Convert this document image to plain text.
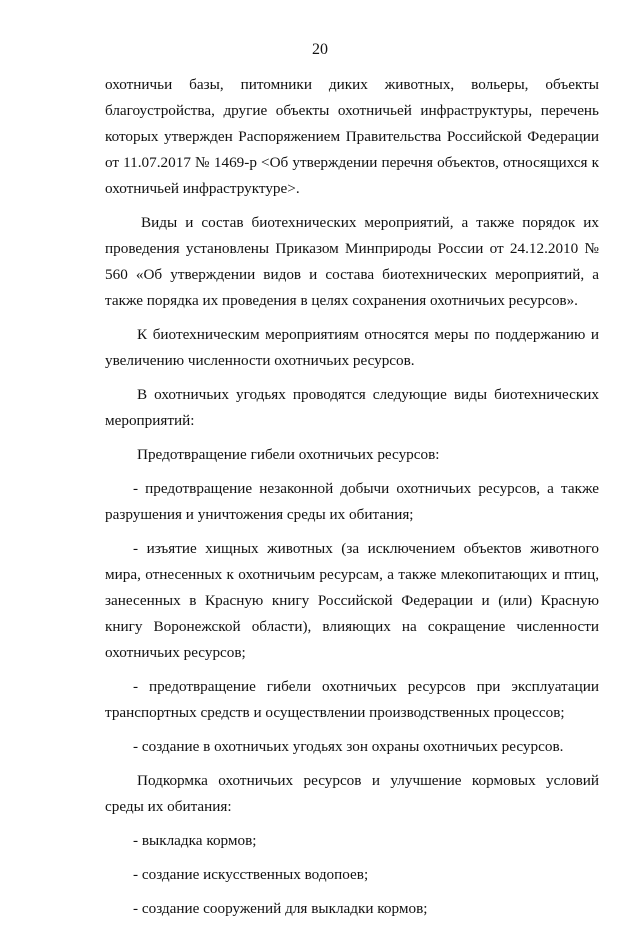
20

охотничьи базы, питомники диких животных, вольеры, объекты благоустройства, другие объекты охотничьей инфраструктуры, перечень которых утвержден Распоряжением Правительства Российской Федерации от 11.07.2017 № 1469-р <Об утверждении перечня объектов, относящихся к охотничьей инфраструктуре>.

Виды и состав биотехнических мероприятий, а также порядок их проведения установлены Приказом Минприроды России от 24.12.2010 № 560 «Об утверждении видов и состава биотехнических мероприятий, а также порядка их проведения в целях сохранения охотничьих ресурсов».

К биотехническим мероприятиям относятся меры по поддержанию и увеличению численности охотничьих ресурсов.

В охотничьих угодьях проводятся следующие виды биотехнических мероприятий:

Предотвращение гибели охотничьих ресурсов:

- предотвращение незаконной добычи охотничьих ресурсов, а также разрушения и уничтожения среды их обитания;

- изъятие хищных животных (за исключением объектов животного мира, отнесенных к охотничьим ресурсам, а также млекопитающих и птиц, занесенных в Красную книгу Российской Федерации и (или) Красную книгу Воронежской области), влияющих на сокращение численности охотничьих ресурсов;

- предотвращение гибели охотничьих ресурсов при эксплуатации транспортных средств и осуществлении производственных процессов;

- создание в охотничьих угодьях зон охраны охотничьих ресурсов.

Подкормка охотничьих ресурсов и улучшение кормовых условий среды их обитания:

- выкладка кормов;

- создание искусственных водопоев;

- создание сооружений для выкладки кормов;
